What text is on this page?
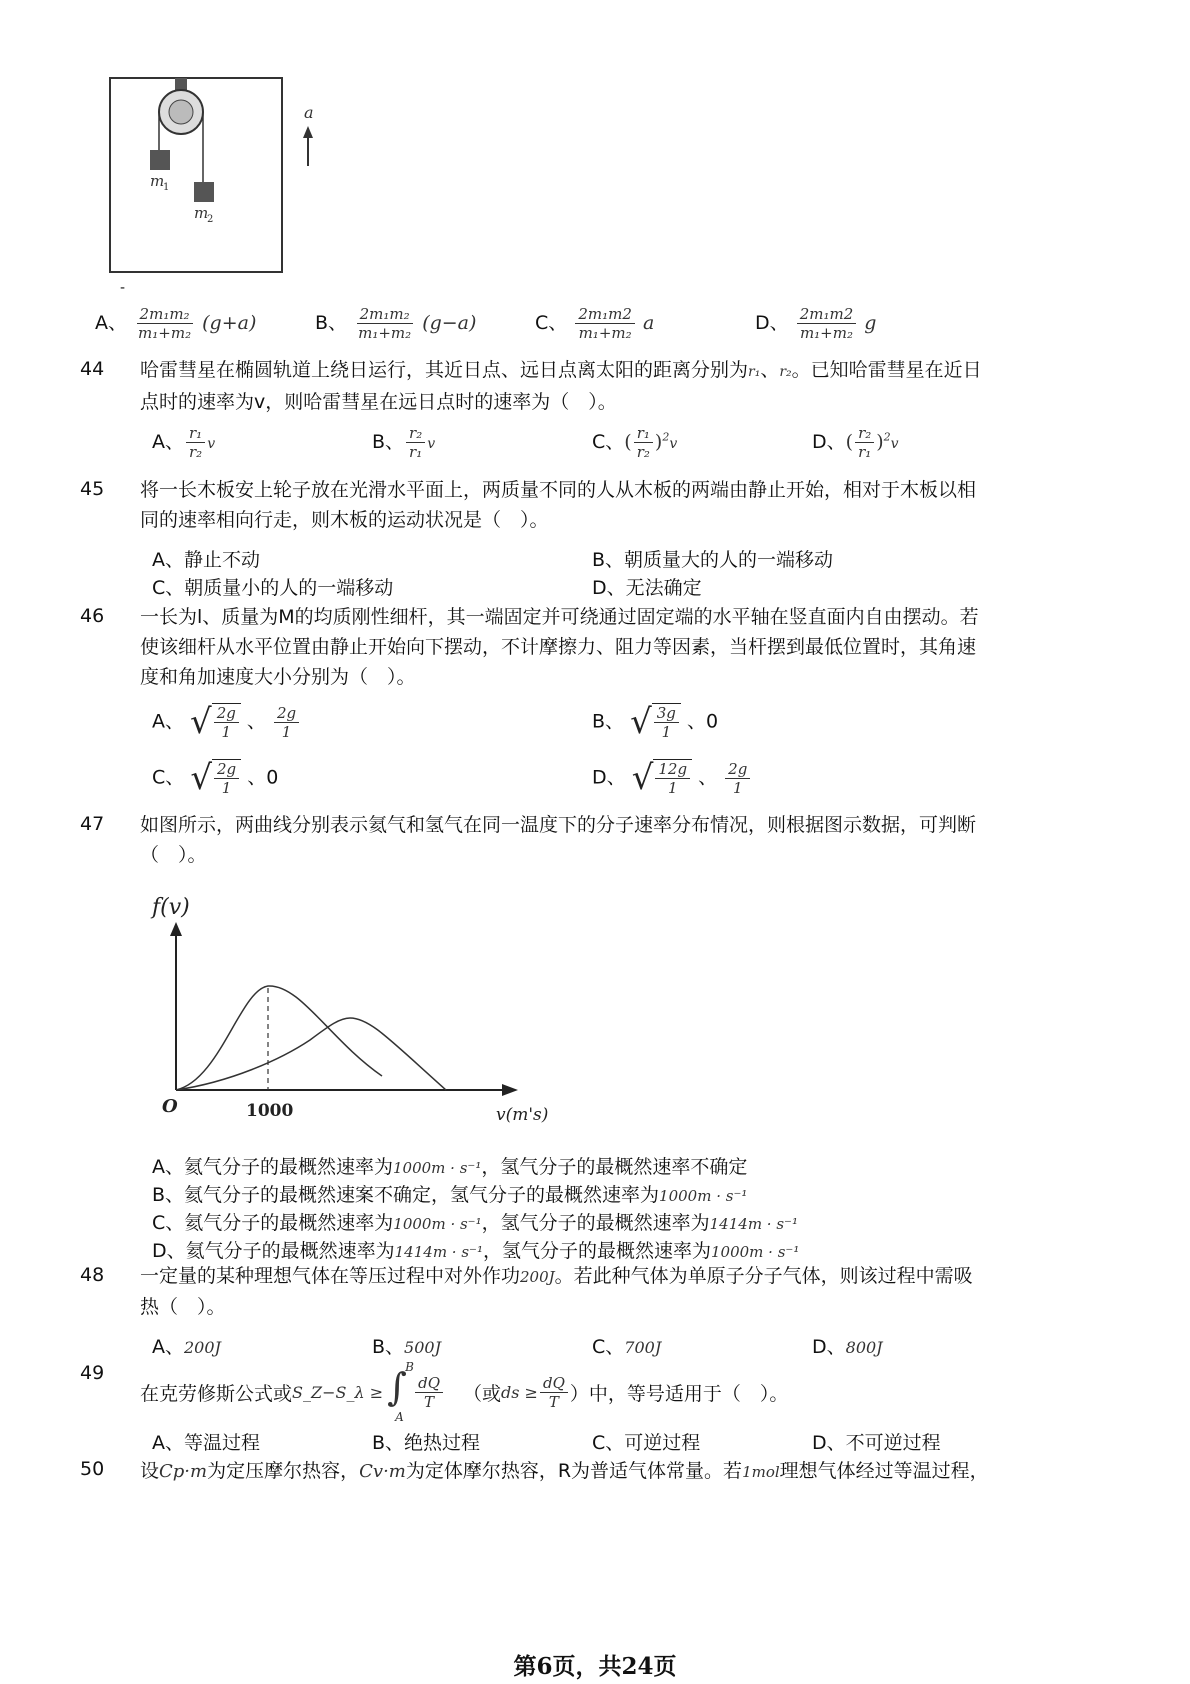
a
m
1
m
2
-
A、 $\frac{\text{2m₁m₂}}{\text{m₁+m₂}} (g+a)$	B、 $\frac{\text{2m₁m₂}}{\text{m₁+m₂}} (g-a)$	C、 $\frac{\text{2m₁m2}}{\text{m₁+m₂}}$ a	D、 $\frac{\text{2m₁m2}}{\text{m₁+m₂}}$ g
44 哈雷彗星在椭圆轨道上绕日运行，其近日点、远日点离太阳的距离分别为r₁、r₂。已知哈雷彗星在近日
点时的速率为v，则哈雷彗星在远日点时的速率为（　）。
A、 $\frac{\text{r₁}}{\text{r₂}}$ v	B、 $\frac{\text{r₂}}{\text{r₁}}$ v	C、( $\frac{\text{r₁}}{\text{r₂}} )^2v$	D、( $\frac{\text{r₂}}{\text{r₁}} )^2v$
45 将一长木板安上轮子放在光滑水平面上，两质量不同的人从木板的两端由静止开始，相对于木板以相
同的速率相向行走，则木板的运动状况是（　）。
A、静止不动	B、朝质量大的人的一端移动
C、朝质量小的人的一端移动	D、无法确定
46 一长为l、质量为M的均质刚性细杆，其一端固定并可绕通过固定端的水平轴在竖直面内自由摆动。若
使该细杆从水平位置由静止开始向下摆动，不计摩擦力、阻力等因素，当杆摆到最低位置时，其角速
度和角加速度大小分别为（　）。
A、 √ $\frac{2g}{1}$ 、 $\frac{2g}{1}$	B、 √ $\frac{3g}{1}$ 、0
C、 √ $\frac{2g}{1}$ 、0	D、 √ $\frac{12g}{1}$ 、 $\frac{2g}{1}$
47 如图所示，两曲线分别表示氦气和氢气在同一温度下的分子速率分布情况，则根据图示数据，可判断
（　）。
f(v)
O	1000	v(m's)
A、氦气分子的最概然速率为1000m · s⁻¹，氢气分子的最概然速率不确定
B、氦气分子的最概然速案不确定，氢气分子的最概然速率为1000m · s⁻¹
C、氦气分子的最概然速率为1000m · s⁻¹，氢气分子的最概然速率为1414m · s⁻¹
D、氦气分子的最概然速率为1414m · s⁻¹，氢气分子的最概然速率为1000m · s⁻¹
48 一定量的某种理想气体在等压过程中对外作功200J。若此种气体为单原子分子气体，则该过程中需吸
热（　）。
A、200J	B、500J	C、700J	D、800J
49
在克劳修斯公式或 S_Z−S_λ ≥ ∫
B
A
$\frac{dQ}{T}$ （或 ds ≥ $\frac{dQ}{T}$ ）中，等号适用于（　）。
A、等温过程	B、绝热过程	C、可逆过程	D、不可逆过程
50 设Cp·m为定压摩尔热容，Cv·m为定体摩尔热容，R为普适气体常量。若1mol理想气体经过等温过程，
第6页，共24页
